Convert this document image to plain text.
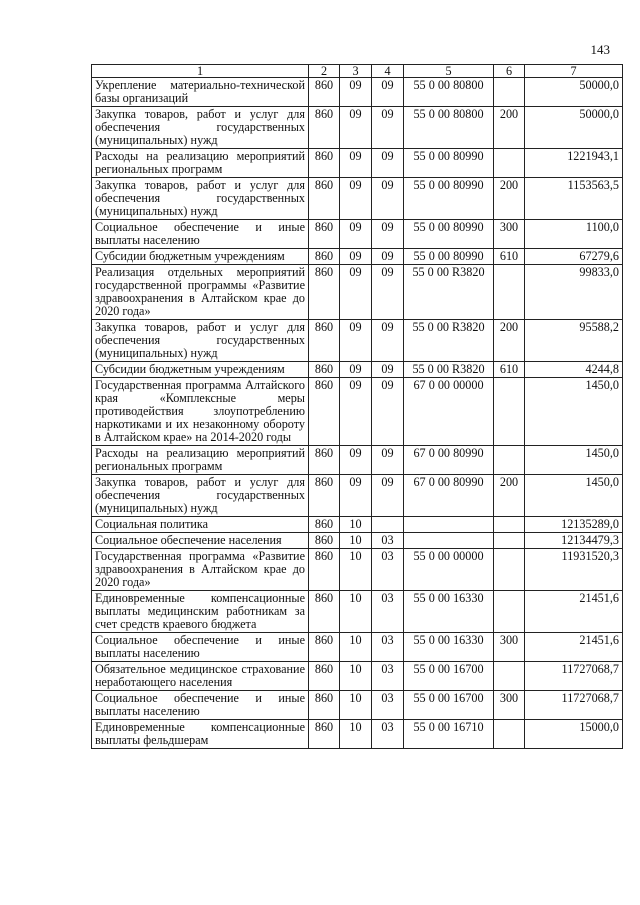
143
1	2	3	4	5	6	7
Укрепление материально-технической базы организаций	860	09	09	55 0 00 80800		50000,0
Закупка товаров, работ и услуг для обеспечения государственных (муниципальных) нужд	860	09	09	55 0 00 80800	200	50000,0
Расходы на реализацию мероприятий региональных программ	860	09	09	55 0 00 80990		1221943,1
Закупка товаров, работ и услуг для обеспечения государственных (муниципальных) нужд	860	09	09	55 0 00 80990	200	1153563,5
Социальное обеспечение и иные выплаты населению	860	09	09	55 0 00 80990	300	1100,0
Субсидии бюджетным учреждениям	860	09	09	55 0 00 80990	610	67279,6
Реализация отдельных мероприятий государственной программы «Развитие здравоохранения в Алтайском крае до 2020 года»	860	09	09	55 0 00 R3820		99833,0
Закупка товаров, работ и услуг для обеспечения государственных (муниципальных) нужд	860	09	09	55 0 00 R3820	200	95588,2
Субсидии бюджетным учреждениям	860	09	09	55 0 00 R3820	610	4244,8
Государственная программа Алтайского края «Комплексные меры противодействия злоупотреблению наркотиками и их незаконному обороту в Алтайском крае» на 2014-2020 годы	860	09	09	67 0 00 00000		1450,0
Расходы на реализацию мероприятий региональных программ	860	09	09	67 0 00 80990		1450,0
Закупка товаров, работ и услуг для обеспечения государственных (муниципальных) нужд	860	09	09	67 0 00 80990	200	1450,0
Социальная политика	860	10				12135289,0
Социальное обеспечение населения	860	10	03			12134479,3
Государственная программа «Развитие здравоохранения в Алтайском крае до 2020 года»	860	10	03	55 0 00 00000		11931520,3
Единовременные компенсационные выплаты медицинским работникам за счет средств краевого бюджета	860	10	03	55 0 00 16330		21451,6
Социальное обеспечение и иные выплаты населению	860	10	03	55 0 00 16330	300	21451,6
Обязательное медицинское страхование неработающего населения	860	10	03	55 0 00 16700		11727068,7
Социальное обеспечение и иные выплаты населению	860	10	03	55 0 00 16700	300	11727068,7
Единовременные компенсационные выплаты фельдшерам	860	10	03	55 0 00 16710		15000,0
